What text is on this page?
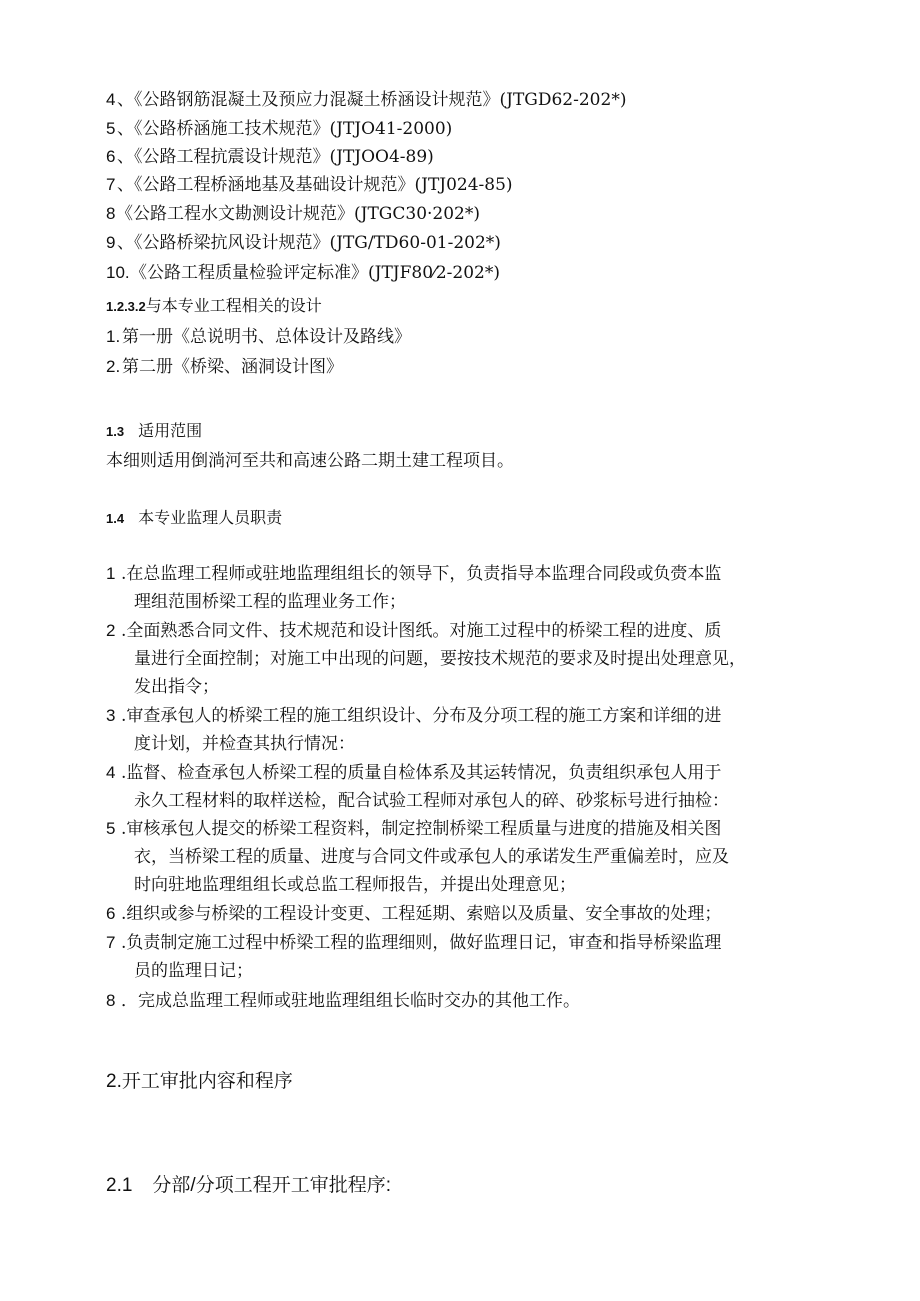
4 、《公路钢筋混凝土及预应力混凝土桥涵设计规范》(JTGD62-202*)
5 、《公路桥涵施工技术规范》(JTJO41-2000)
6 、《公路工程抗震设计规范》(JTJOO4-89)
7 、《公路工程桥涵地基及基础设计规范》(JTJ024-85)
8 《公路工程水文勘测设计规范》(JTGC30·202*)
9 、《公路桥梁抗风设计规范》(JTG/TD60-01-202*)
10. 《公路工程质量检验评定标准》(JTJF80⁄2-202*)
1.2.3.2与本专业工程相关的设计
1. 第一册《总说明书、总体设计及路线》
2. 第二册《桥梁、涵洞设计图》
1.3 适用范围
本细则适用倒淌河至共和高速公路二期土建工程项目。
1.4 本专业监理人员职责
1 .在总监理工程师或驻地监理组组长的领导下，负责指导本监理合同段或负赍本监
理组范围桥梁工程的监理业务工作；
2 .全面熟悉合同文件、技术规范和设计图纸。对施工过程中的桥梁工程的进度、质
量进行全面控制；对施工中出现的问题，要按技术规范的要求及时提出处理意见，
发出指令；
3 .审查承包人的桥梁工程的施工组织设计、分布及分项工程的施工方案和详细的进
度计划，并检查其执行情况：
4 .监督、检查承包人桥梁工程的质量自检体系及其运转情况，负责组织承包人用于
永久工程材料的取样送检，配合试验工程师对承包人的碎、砂浆标号进行抽检：
5 .审核承包人提交的桥梁工程资料，制定控制桥梁工程质量与进度的措施及相关图
衣，当桥梁工程的质量、进度与合同文件或承包人的承诺发生严重偏差时，应及
时向驻地监理组组长或总监工程师报告，并提出处理意见；
6 .组织或参与桥梁的工程设计变更、工程延期、索赔以及质量、安全事故的处理；
7 .负责制定施工过程中桥梁工程的监理细则，做好监理日记，审查和指导桥梁监理
员的监理日记；
8 ．完成总监理工程师或驻地监理组组长临时交办的其他工作。
2.开工审批内容和程序
2.1 分部/分项工程开工审批程序:
